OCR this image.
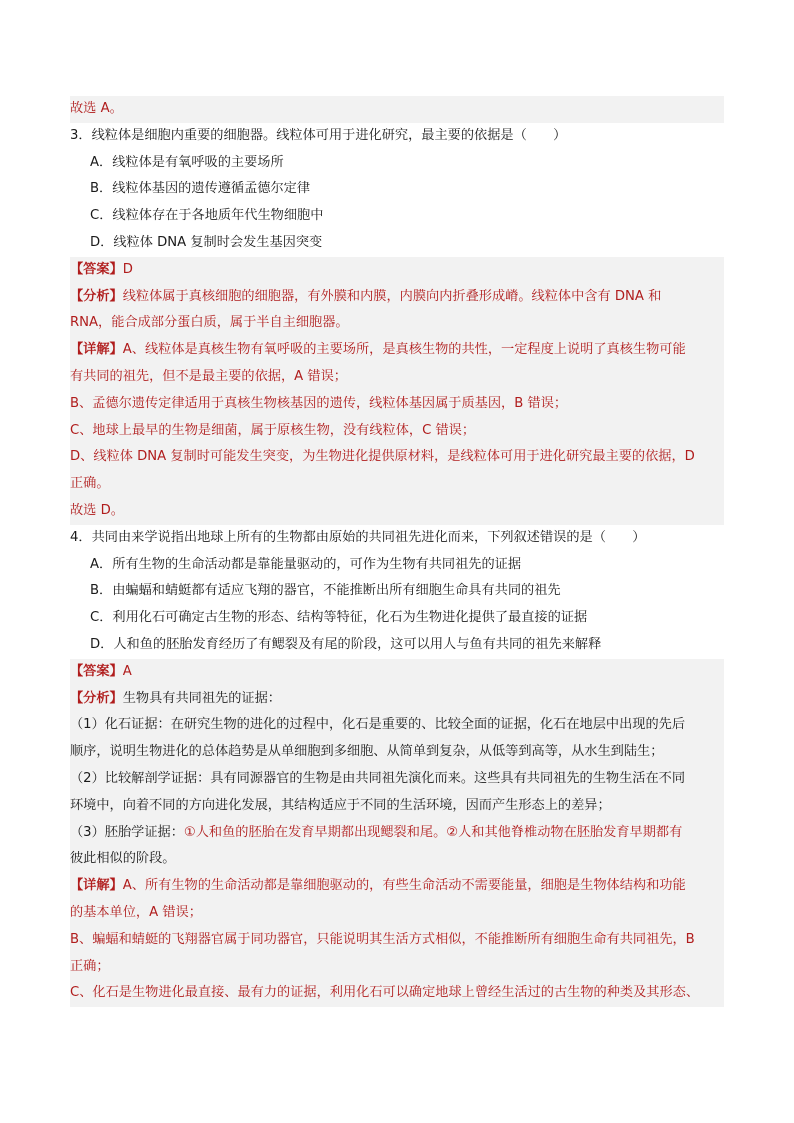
故选 A。
3．线粒体是细胞内重要的细胞器。线粒体可用于进化研究，最主要的依据是（　　）
A．线粒体是有氧呼吸的主要场所
B．线粒体基因的遗传遵循孟德尔定律
C．线粒体存在于各地质年代生物细胞中
D．线粒体 DNA 复制时会发生基因突变
【答案】D
【分析】线粒体属于真核细胞的细胞器，有外膜和内膜，内膜向内折叠形成嵴。线粒体中含有 DNA 和
RNA，能合成部分蛋白质，属于半自主细胞器。
【详解】A、线粒体是真核生物有氧呼吸的主要场所，是真核生物的共性，一定程度上说明了真核生物可能
有共同的祖先，但不是最主要的依据，A 错误；
B、孟德尔遗传定律适用于真核生物核基因的遗传，线粒体基因属于质基因，B 错误；
C、地球上最早的生物是细菌，属于原核生物，没有线粒体，C 错误；
D、线粒体 DNA 复制时可能发生突变，为生物进化提供原材料，是线粒体可用于进化研究最主要的依据，D
正确。
故选 D。
4．共同由来学说指出地球上所有的生物都由原始的共同祖先进化而来，下列叙述错误的是（　　）
A．所有生物的生命活动都是靠能量驱动的，可作为生物有共同祖先的证据
B．由蝙蝠和蜻蜓都有适应飞翔的器官，不能推断出所有细胞生命具有共同的祖先
C．利用化石可确定古生物的形态、结构等特征，化石为生物进化提供了最直接的证据
D．人和鱼的胚胎发育经历了有鳃裂及有尾的阶段，这可以用人与鱼有共同的祖先来解释
【答案】A
【分析】生物具有共同祖先的证据：
（1）化石证据：在研究生物的进化的过程中，化石是重要的、比较全面的证据，化石在地层中出现的先后
顺序，说明生物进化的总体趋势是从单细胞到多细胞、从简单到复杂，从低等到高等，从水生到陆生；
（2）比较解剖学证据：具有同源器官的生物是由共同祖先演化而来。这些具有共同祖先的生物生活在不同
环境中，向着不同的方向进化发展，其结构适应于不同的生活环境，因而产生形态上的差异；
（3）胚胎学证据：①人和鱼的胚胎在发育早期都出现鳃裂和尾。②人和其他脊椎动物在胚胎发育早期都有
彼此相似的阶段。
【详解】A、所有生物的生命活动都是靠细胞驱动的，有些生命活动不需要能量，细胞是生物体结构和功能
的基本单位，A 错误；
B、蝙蝠和蜻蜓的飞翔器官属于同功器官，只能说明其生活方式相似，不能推断所有细胞生命有共同祖先，B
正确；
C、化石是生物进化最直接、最有力的证据，利用化石可以确定地球上曾经生活过的古生物的种类及其形态、
